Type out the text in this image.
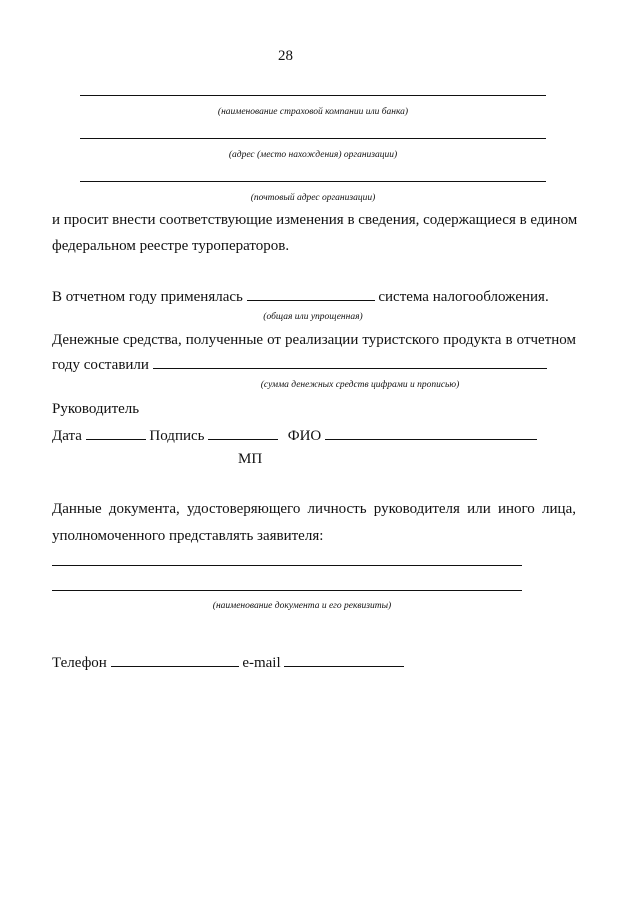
28
(наименование страховой компании или банка)
(адрес (место нахождения) организации)
(почтовый адрес организации)
и просит внести соответствующие изменения в сведения, содержащиеся в едином
федеральном реестре туроператоров.
В отчетном году применялась	система налогообложения.
(общая или упрощенная)
Денежные средства, полученные от реализации туристского продукта в отчетном
году составили
(сумма денежных средств цифрами и прописью)
Руководитель
Дата	Подпись	ФИО
МП
Данные документа, удостоверяющего личность руководителя или иного лица,
уполномоченного представлять заявителя:
(наименование документа и его реквизиты)
Телефон	e-mail
